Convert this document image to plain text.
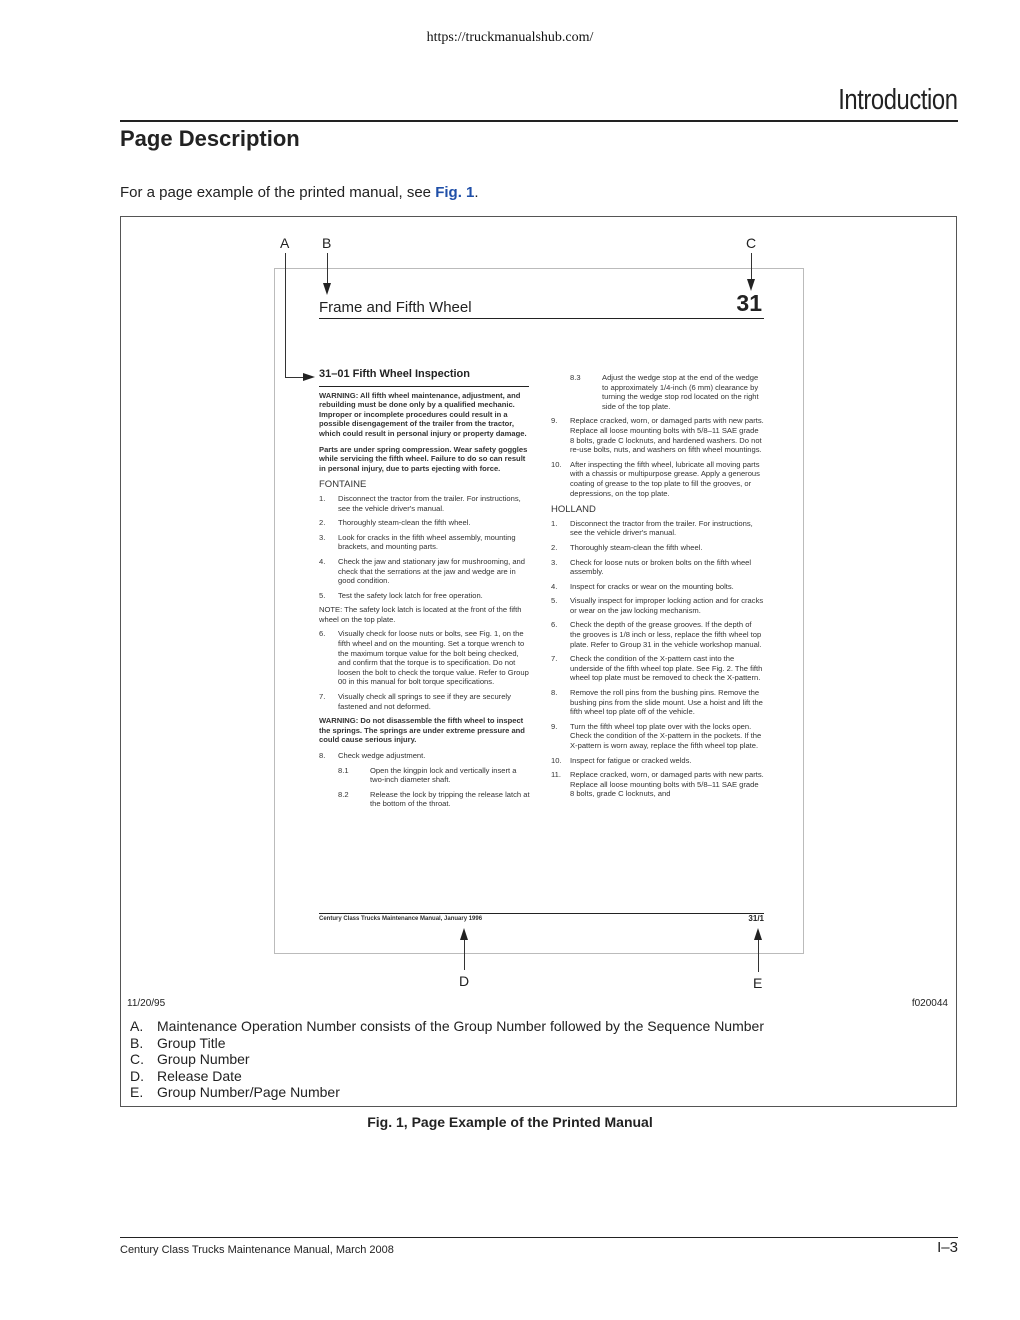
https://truckmanualshub.com/
Introduction
Page Description
For a page example of the printed manual, see Fig. 1.
A B	C
D	E
Frame and Fifth Wheel	31
31–01 Fifth Wheel Inspection
WARNING: All fifth wheel maintenance, adjustment, and rebuilding must be done only by a qualified mechanic. Improper or incomplete procedures could result in a possible disengagement of the trailer from the tractor, which could result in personal injury or property damage.
Parts are under spring compression. Wear safety goggles while servicing the fifth wheel. Failure to do so can result in personal injury, due to parts ejecting with force.
FONTAINE
1.	Disconnect the tractor from the trailer. For instructions, see the vehicle driver's manual.
2.	Thoroughly steam-clean the fifth wheel.
3.	Look for cracks in the fifth wheel assembly, mounting brackets, and mounting parts.
4.	Check the jaw and stationary jaw for mushrooming, and check that the serrations at the jaw and wedge are in good condition.
5.	Test the safety lock latch for free operation.
NOTE: The safety lock latch is located at the front of the fifth wheel on the top plate.
6.	Visually check for loose nuts or bolts, see Fig. 1, on the fifth wheel and on the mounting. Set a torque wrench to the maximum torque value for the bolt being checked, and confirm that the torque is to specification. Do not loosen the bolt to check the torque value. Refer to Group 00 in this manual for bolt torque specifications.
7.	Visually check all springs to see if they are securely fastened and not deformed.
WARNING: Do not disassemble the fifth wheel to inspect the springs. The springs are under extreme pressure and could cause serious injury.
8.	Check wedge adjustment.
8.1	Open the kingpin lock and vertically insert a two-inch diameter shaft.
8.2	Release the lock by tripping the release latch at the bottom of the throat.
8.3	Adjust the wedge stop at the end of the wedge to approximately 1/4-inch (6 mm) clearance by turning the wedge stop rod located on the right side of the top plate.
9.	Replace cracked, worn, or damaged parts with new parts. Replace all loose mounting bolts with 5/8–11 SAE grade 8 bolts, grade C locknuts, and hardened washers. Do not re-use bolts, nuts, and washers on fifth wheel mountings.
10.	After inspecting the fifth wheel, lubricate all moving parts with a chassis or multipurpose grease. Apply a generous coating of grease to the top plate to fill the grooves, or depressions, on the top plate.
HOLLAND
1.	Disconnect the tractor from the trailer. For instructions, see the vehicle driver's manual.
2.	Thoroughly steam-clean the fifth wheel.
3.	Check for loose nuts or broken bolts on the fifth wheel assembly.
4.	Inspect for cracks or wear on the mounting bolts.
5.	Visually inspect for improper locking action and for cracks or wear on the jaw locking mechanism.
6.	Check the depth of the grease grooves. If the depth of the grooves is 1/8 inch or less, replace the fifth wheel top plate. Refer to Group 31 in the vehicle workshop manual.
7.	Check the condition of the X-pattern cast into the underside of the fifth wheel top plate. See Fig. 2. The fifth wheel top plate must be removed to check the X-pattern.
8.	Remove the roll pins from the bushing pins. Remove the bushing pins from the slide mount. Use a hoist and lift the fifth wheel top plate off of the vehicle.
9.	Turn the fifth wheel top plate over with the locks open. Check the condition of the X-pattern in the pockets. If the X-pattern is worn away, replace the fifth wheel top plate.
10.	Inspect for fatigue or cracked welds.
11.	Replace cracked, worn, or damaged parts with new parts. Replace all loose mounting bolts with 5/8–11 SAE grade 8 bolts, grade C locknuts, and
Century Class Trucks Maintenance Manual, January 1996	31/1
11/20/95	f020044
A. Maintenance Operation Number consists of the Group Number followed by the Sequence Number
B. Group Title
C. Group Number
D. Release Date
E. Group Number/Page Number
Fig. 1, Page Example of the Printed Manual
Century Class Trucks Maintenance Manual, March 2008	I–3
